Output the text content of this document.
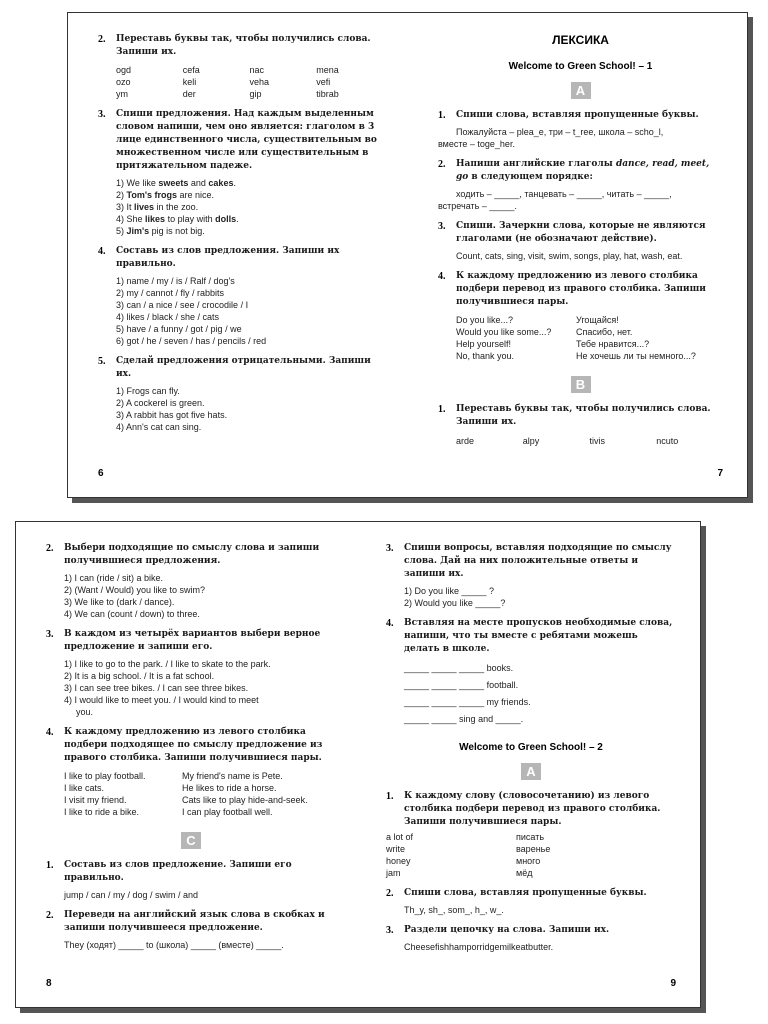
2.	Переставь буквы так, чтобы получились слова. Запиши их.
ogd	cefa	nac	mena
ozo	keli	veha	vefi
ym	der	gip	tibrab
3.	Спиши предложения. Над каждым выделенным словом напиши, чем оно является: глаголом в 3 лице единственного числа, существительным во множественном числе или существительным в притяжательном падеже.
1) We like sweets and cakes.
2) Tom's frogs are nice.
3) It lives in the zoo.
4) She likes to play with dolls.
5) Jim's pig is not big.
4.	Составь из слов предложения. Запиши их правильно.
1) name / my / is / Ralf / dog's
2) my / cannot / fly / rabbits
3) can / a nice / see / crocodile / I
4) likes / black / she / cats
5) have / a funny / got / pig / we
6) got / he / seven / has / pencils / red
5.	Сделай предложения отрицательными. Запиши их.
1) Frogs can fly.
2) A cockerel is green.
3) A rabbit has got five hats.
4) Ann's cat can sing.
6
ЛЕКСИКА
Welcome to Green School! – 1
A
1.	Спиши слова, вставляя пропущенные буквы.
Пожалуйста – plea_e, три – t_ree, школа – scho_l,
вместе – toge_her.
2.	Напиши английские глаголы dance, read, meet, go в следующем порядке:
ходить – _____, танцевать – _____, читать – _____,
встречать – _____.
3.	Спиши. Зачеркни слова, которые не являются глаголами (не обозначают действие).
Count, cats, sing, visit, swim, songs, play, hat, wash, eat.
4.	К каждому предложению из левого столбика подбери перевод из правого столбика. Запиши получившиеся пары.
Do you like...?	Угощайся!
Would you like some...?	Спасибо, нет.
Help yourself!	Тебе нравится...?
No, thank you.	Не хочешь ли ты немного...?
B
1.	Переставь буквы так, чтобы получились слова. Запиши их.
arde	alpy	tivis	ncuto
7
2.	Выбери подходящие по смыслу слова и запиши получившиеся предложения.
1) I can (ride / sit) a bike.
2) (Want / Would) you like to swim?
3) We like to (dark / dance).
4) We can (count / down) to three.
3.	В каждом из четырёх вариантов выбери верное предложение и запиши его.
1) I like to go to the park. / I like to skate to the park.
2) It is a big school. / It is a fat school.
3) I can see tree bikes. / I can see three bikes.
4) I would like to meet you. / I would kind to meet
you.
4.	К каждому предложению из левого столбика подбери подходящее по смыслу предложение из правого столбика. Запиши получившиеся пары.
I like to play football.	My friend's name is Pete.
I like cats.	He likes to ride a horse.
I visit my friend.	Cats like to play hide-and-seek.
I like to ride a bike.	I can play football well.
C
1.	Составь из слов предложение. Запиши его правильно.
jump / can / my / dog / swim / and
2.	Переведи на английский язык слова в скобках и запиши получившееся предложение.
They (ходят) _____ to (школа) _____ (вместе) _____.
8
3.	Спиши вопросы, вставляя подходящие по смыслу слова. Дай на них положительные ответы и запиши их.
1) Do you like _____ ?
2) Would you like _____?
4.	Вставляя на месте пропусков необходимые слова, напиши, что ты вместе с ребятами можешь делать в школе.
_____ _____ _____ books.
_____ _____ _____ football.
_____ _____ _____ my friends.
_____ _____ sing and _____.
Welcome to Green School! – 2
A
1.	К каждому слову (словосочетанию) из левого столбика подбери перевод из правого столбика. Запиши получившиеся пары.
a lot of	писать
write	варенье
honey	много
jam	мёд
2.	Спиши слова, вставляя пропущенные буквы.
Th_y, sh_, som_, h_, w_.
3.	Раздели цепочку на слова. Запиши их.
Cheesefishhamporridgemilkeatbutter.
9
